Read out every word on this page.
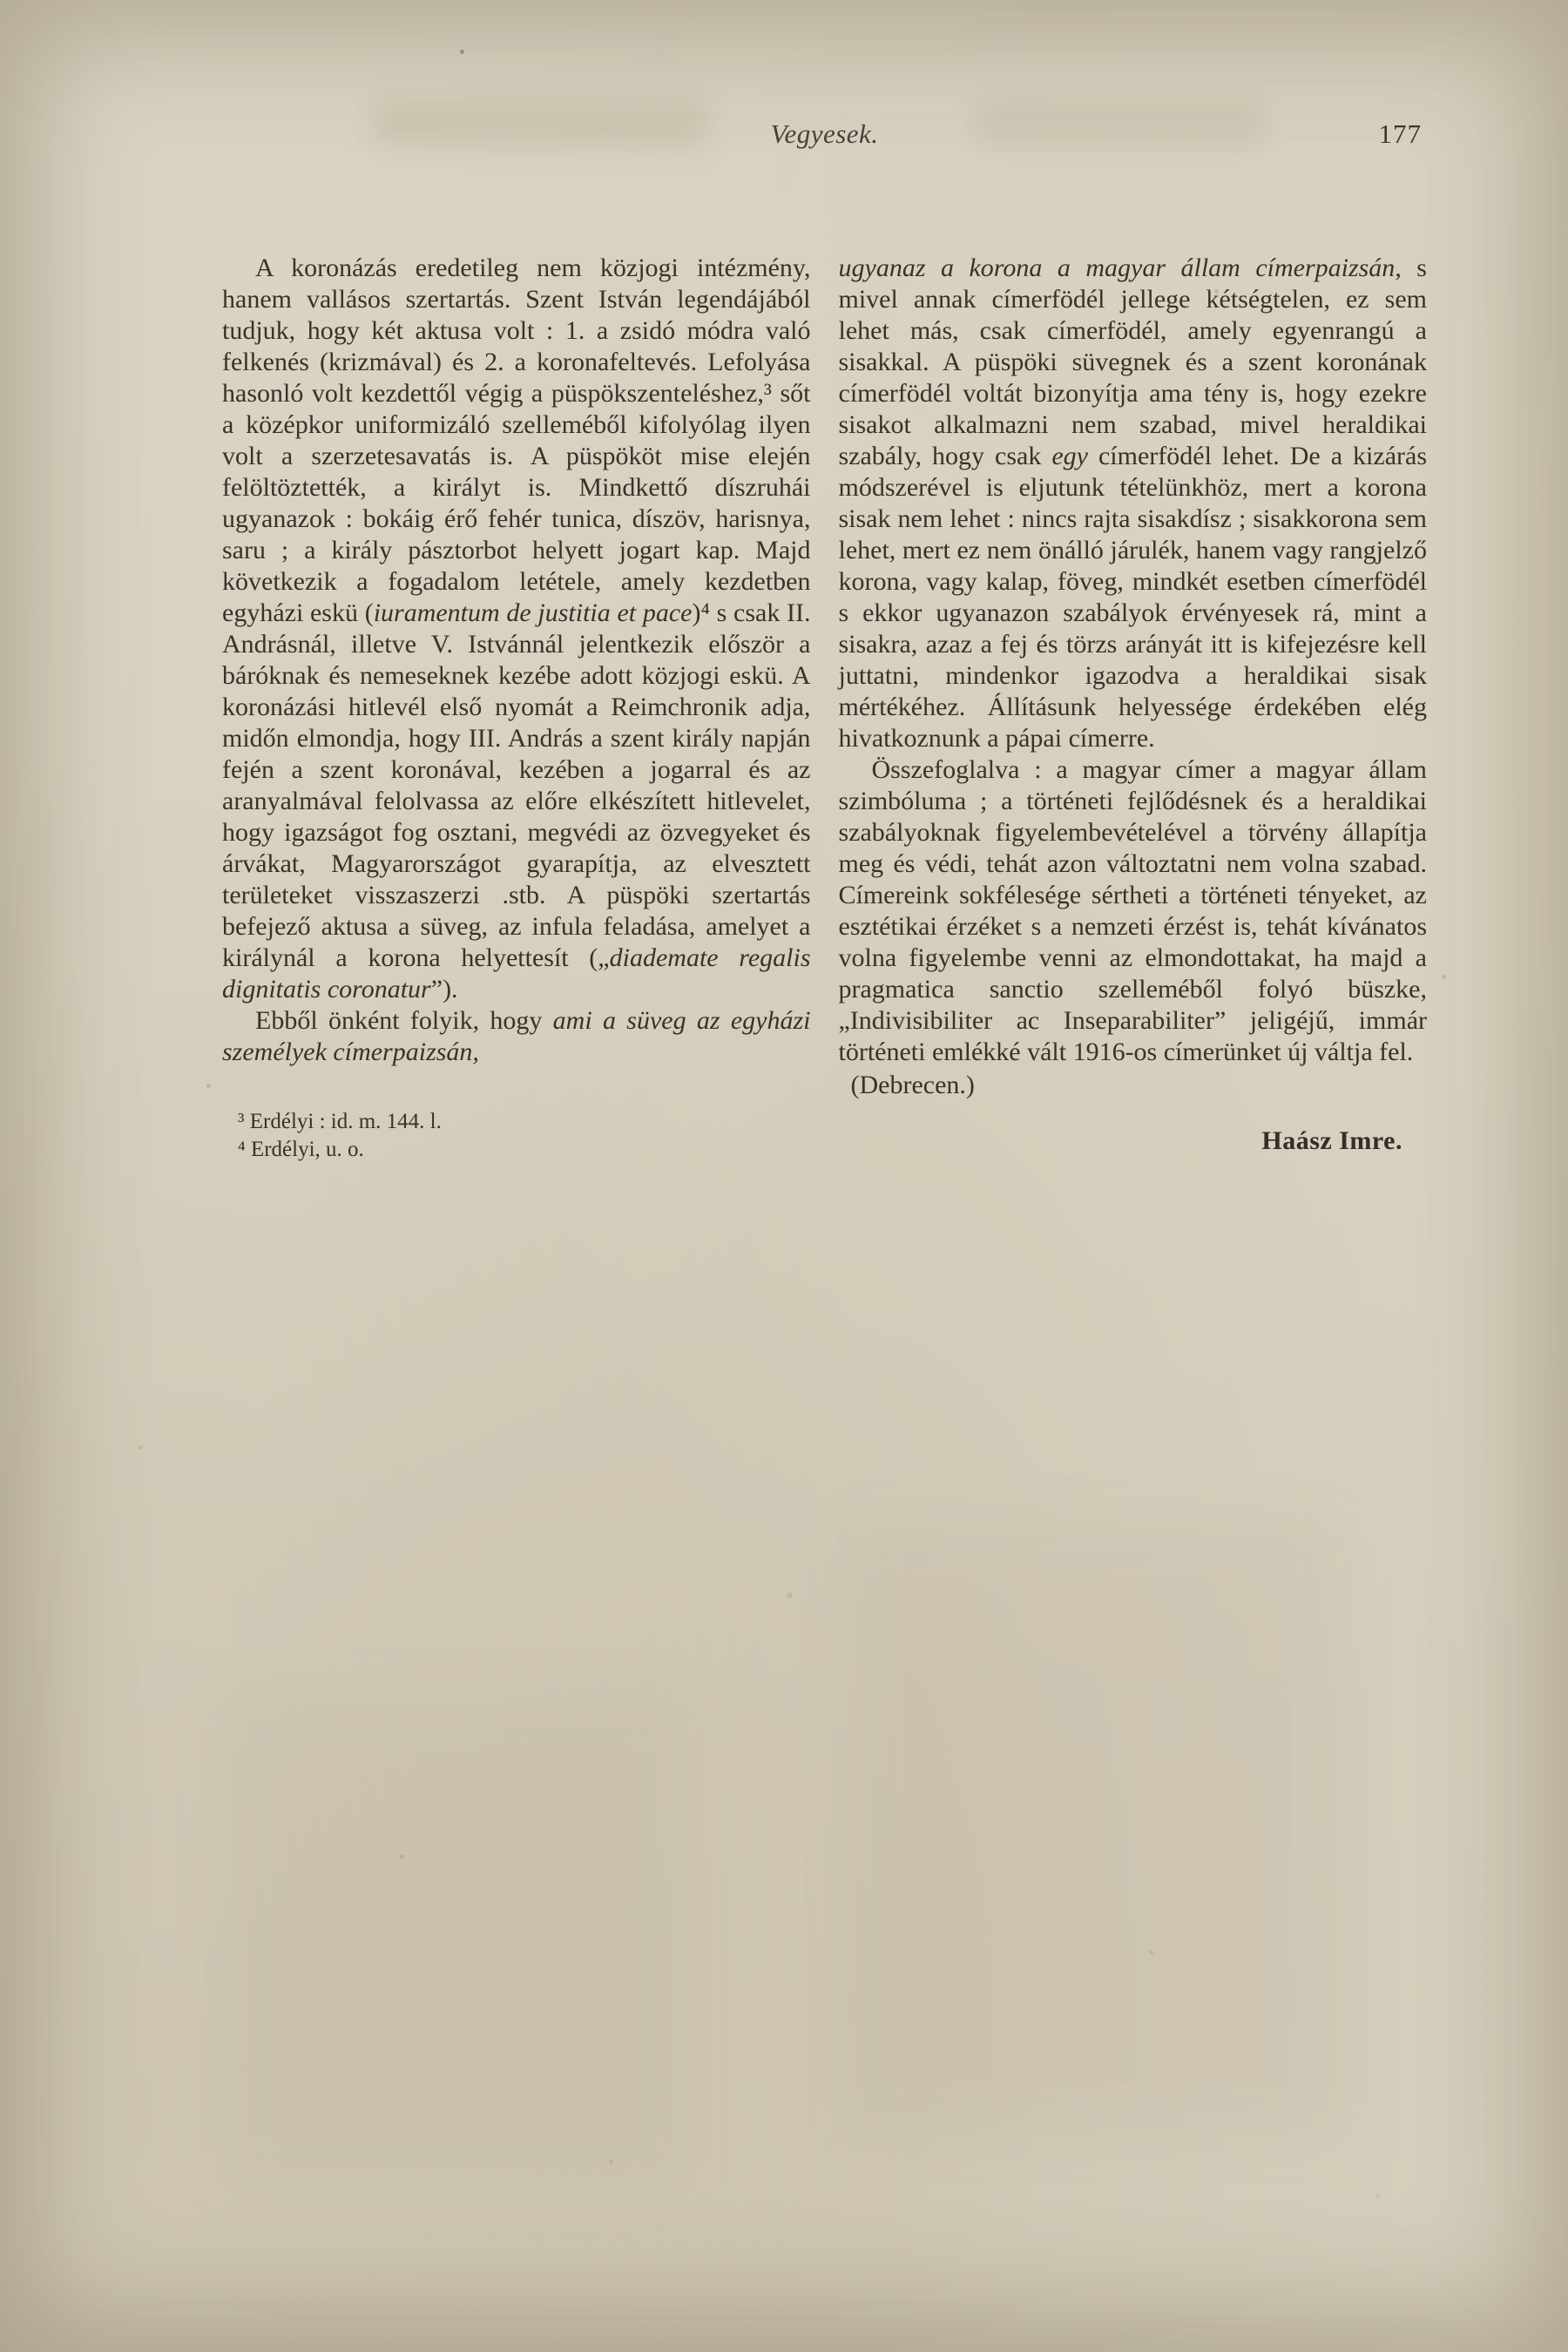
Vegyesek.	177

A koronázás eredetileg nem közjogi intézmény, hanem vallásos szertartás. Szent István legendájából tudjuk, hogy két aktusa volt : 1. a zsidó módra való felkenés (krizmával) és 2. a koronafeltevés. Lefolyása hasonló volt kezdettől végig a püspökszenteléshez,³ sőt a középkor uniformizáló szelleméből kifolyólag ilyen volt a szerzetesavatás is. A püspököt mise elején felöltöztették, a királyt is. Mindkettő díszruhái ugyanazok : bokáig érő fehér tunica, díszöv, harisnya, saru ; a király pásztorbot helyett jogart kap. Majd következik a fogadalom letétele, amely kezdetben egyházi eskü (iuramentum de justitia et pace)⁴ s csak II. Andrásnál, illetve V. Istvánnál jelentkezik először a báróknak és nemeseknek kezébe adott közjogi eskü. A koronázási hitlevél első nyomát a Reimchronik adja, midőn elmondja, hogy III. András a szent király napján fején a szent koronával, kezében a jogarral és az aranyalmával felolvassa az előre elkészített hitlevelet, hogy igazságot fog osztani, megvédi az özvegyeket és árvákat, Magyarországot gyarapítja, az elvesztett területeket visszaszerzi .stb. A püspöki szertartás befejező aktusa a süveg, az infula feladása, amelyet a királynál a korona helyettesít („diademate regalis dignitatis coronatur”).

Ebből önként folyik, hogy ami a süveg az egyházi személyek címerpaizsán,

³ Erdélyi : id. m. 144. l.

⁴ Erdélyi, u. o.

ugyanaz a korona a magyar állam címerpaizsán, s mivel annak címerfödél jellege kétségtelen, ez sem lehet más, csak címerfödél, amely egyenrangú a sisakkal. A püspöki süvegnek és a szent koronának címerfödél voltát bizonyítja ama tény is, hogy ezekre sisakot alkalmazni nem szabad, mivel heraldikai szabály, hogy csak egy címerfödél lehet. De a kizárás módszerével is eljutunk tételünkhöz, mert a korona sisak nem lehet : nincs rajta sisakdísz ; sisakkorona sem lehet, mert ez nem önálló járulék, hanem vagy rangjelző korona, vagy kalap, föveg, mindkét esetben címerfödél s ekkor ugyanazon szabályok érvényesek rá, mint a sisakra, azaz a fej és törzs arányát itt is kifejezésre kell juttatni, mindenkor igazodva a heraldikai sisak mértékéhez. Állításunk helyessége érdekében elég hivatkoznunk a pápai címerre.

Összefoglalva : a magyar címer a magyar állam szimbóluma ; a történeti fejlődésnek és a heraldikai szabályoknak figyelembevételével a törvény állapítja meg és védi, tehát azon változtatni nem volna szabad. Címereink sokfélesége sértheti a történeti tényeket, az esztétikai érzéket s a nemzeti érzést is, tehát kívánatos volna figyelembe venni az elmondottakat, ha majd a pragmatica sanctio szelleméből folyó büszke, „Indivisibiliter ac Inseparabiliter” jeligéjű, immár történeti emlékké vált 1916-os címerünket új váltja fel.

(Debrecen.)

Haász Imre.
